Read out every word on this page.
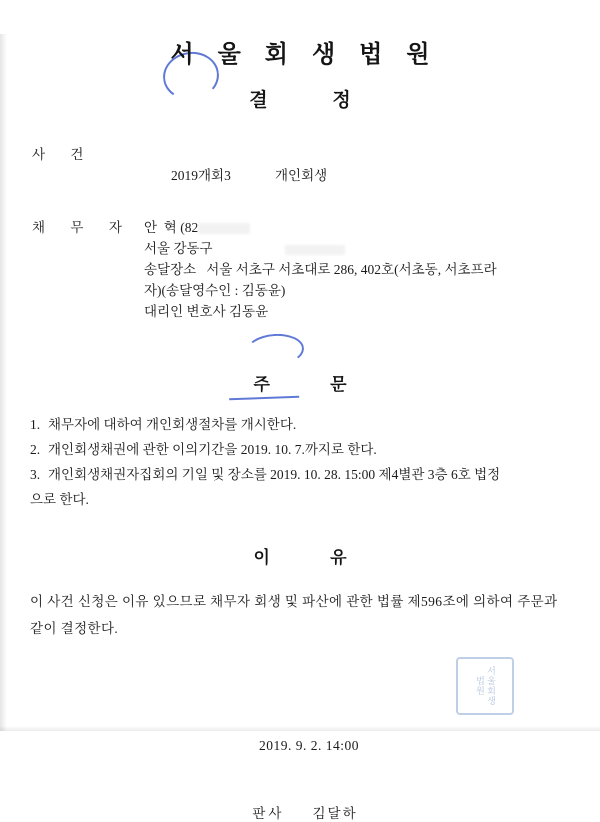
서 울 회 생 법 원
결 정
사 건

2019개회3	개인회생

채 무 자 안  혁 (82
서울 강동구
송달장소   서울 서초구 서초대로 286, 402호(서초동, 서초프라
자)(송달영수인 : 김동윤)
대리인 변호사 김동윤
주 문
1. 채무자에 대하여 개인회생절차를 개시한다.
2. 개인회생채권에 관한 이의기간을 2019. 10. 7.까지로 한다.
3. 개인회생채권자집회의 기일 및 장소를 2019. 10. 28. 15:00 제4별관 3층 6호 법정
으로 한다.
이 유
이 사건 신청은 이유 있으므로 채무자 회생 및 파산에 관한 법률 제596조에 의하여 주문과 같이 결정한다.
2019. 9. 2. 14:00
판사 김달하
서울회생법원
